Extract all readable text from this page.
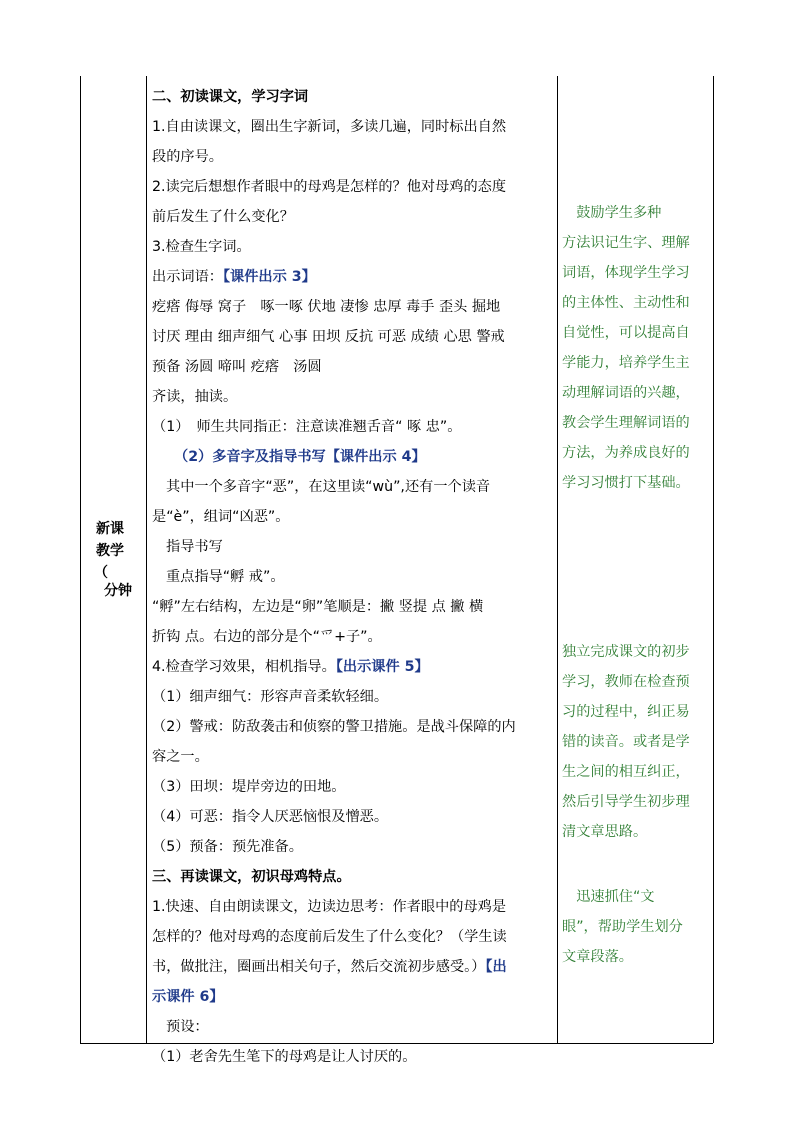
新课
教学
（
分钟
二、初读课文，学习字词
1.自由读课文，圈出生字新词，多读几遍，同时标出自然
段的序号。
2.读完后想想作者眼中的母鸡是怎样的？他对母鸡的态度
前后发生了什么变化？
3.检查生字词。
出示词语：【课件出示 3】
疙瘩 侮辱 窝子　啄一啄 伏地 凄惨 忠厚 毒手 歪头 掘地
讨厌 理由 细声细气 心事 田坝 反抗 可恶 成绩 心思 警戒
预备 汤圆 啼叫 疙瘩　汤圆
齐读，抽读。
（1）　师生共同指正：注意读准翘舌音“ 啄 忠”。
（2）多音字及指导书写【课件出示 4】
其中一个多音字“恶”，在这里读“wù”,还有一个读音
是“è”，组词“凶恶”。
指导书写
重点指导“孵 戒”。
“孵”左右结构，左边是“卵”笔顺是：撇 竖提 点 撇 横
折钩 点。右边的部分是个“爫+子”。
4.检查学习效果，相机指导。【出示课件 5】
（1）细声细气：形容声音柔软轻细。
（2）警戒：防敌袭击和侦察的警卫措施。是战斗保障的内
容之一。
（3）田坝：堤岸旁边的田地。
（4）可恶：指令人厌恶恼恨及憎恶。
（5）预备：预先准备。
三、再读课文，初识母鸡特点。
1.快速、自由朗读课文，边读边思考：作者眼中的母鸡是
怎样的？他对母鸡的态度前后发生了什么变化？（学生读
书，做批注，圈画出相关句子，然后交流初步感受。）【出
示课件 6】
预设：
（1）老舍先生笔下的母鸡是让人讨厌的。
　鼓励学生多种
方法识记生字、理解
词语，体现学生学习
的主体性、主动性和
自觉性，可以提高自
学能力，培养学生主
动理解词语的兴趣，
教会学生理解词语的
方法，为养成良好的
学习习惯打下基础。
独立完成课文的初步
学习，教师在检查预
习的过程中，纠正易
错的读音。或者是学
生之间的相互纠正，
然后引导学生初步理
清文章思路。
　迅速抓住“文
眼”，帮助学生划分
文章段落。
